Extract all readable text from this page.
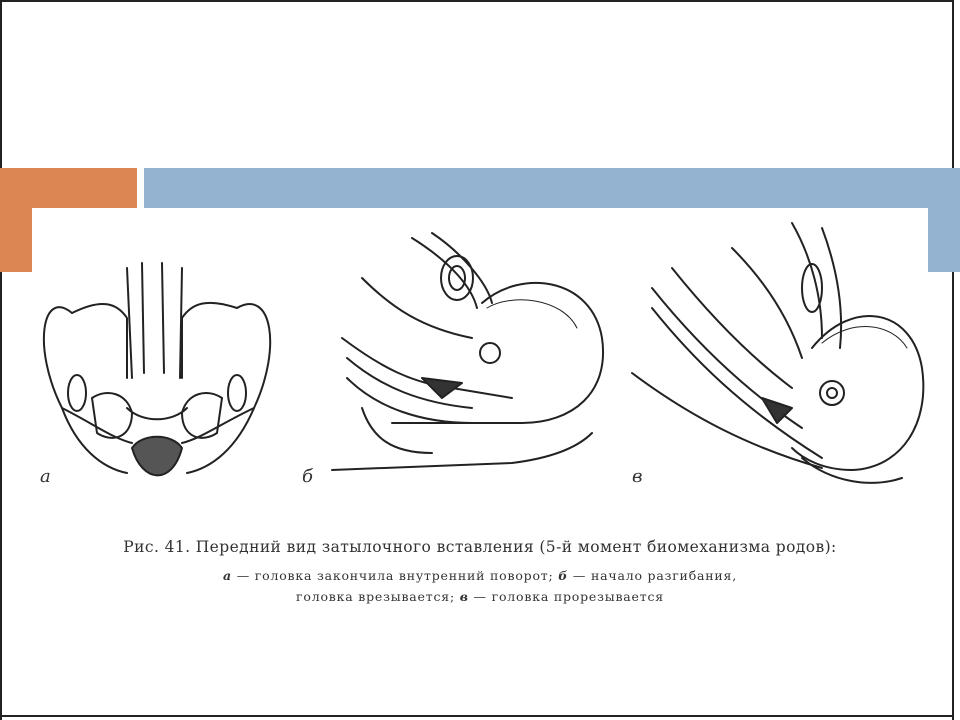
а	б	в
Рис. 41. Передний вид затылочного вставления (5-й момент биомеханизма родов):
а — головка закончила внутренний поворот; б — начало разгибания,
головка врезывается; в — головка прорезывается
